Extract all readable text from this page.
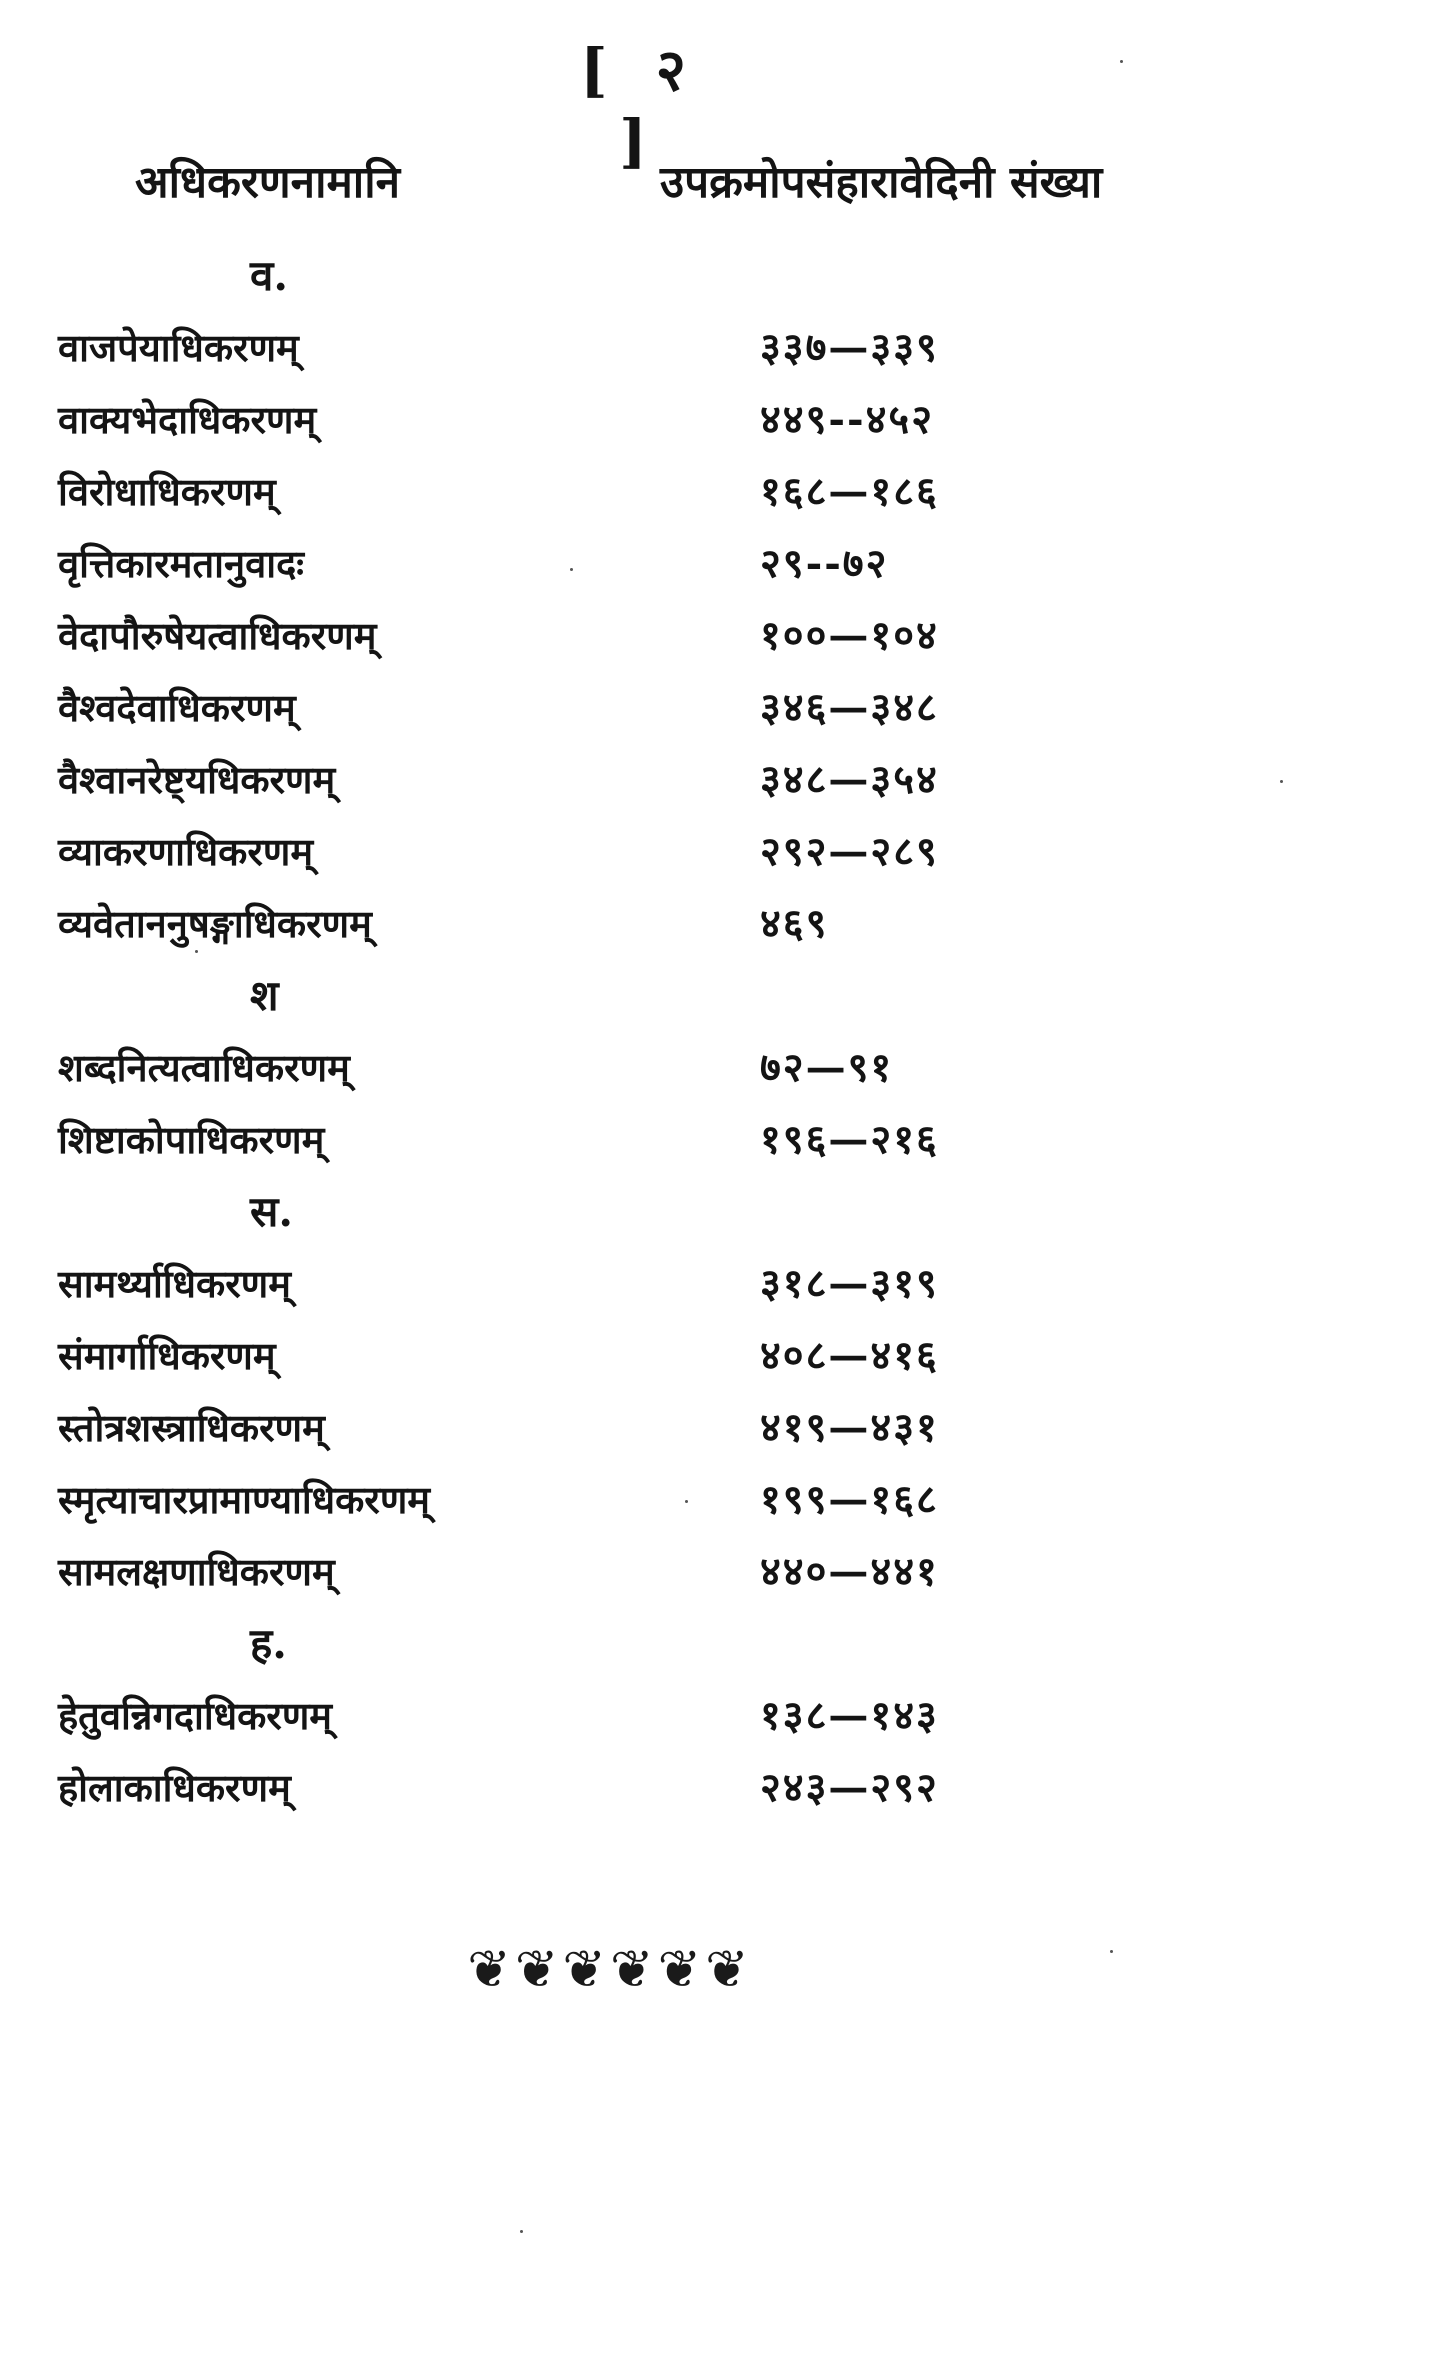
[ २ ]
अधिकरणनामानि	उपक्रमोपसंहारावेदिनी संख्या
व.
वाजपेयाधिकरणम्	३३७—३३९
वाक्यभेदाधिकरणम्	४४९--४५२
विरोधाधिकरणम्	१६८—१८६
वृत्तिकारमतानुवादः	२९--७२
वेदापौरुषेयत्वाधिकरणम्	१००—१०४
वैश्वदेवाधिकरणम्	३४६—३४८
वैश्वानरेष्ट्यधिकरणम्	३४८—३५४
व्याकरणाधिकरणम्	२९२—२८९
व्यवेताननुषङ्गाधिकरणम्	४६९
श
शब्दनित्यत्वाधिकरणम्	७२—९१
शिष्टाकोपाधिकरणम्	१९६—२१६
स.
सामर्थ्याधिकरणम्	३१८—३१९
संमार्गाधिकरणम्	४०८—४१६
स्तोत्रशस्त्राधिकरणम्	४१९—४३१
स्मृत्याचारप्रामाण्याधिकरणम्	१९९—१६८
सामलक्षणाधिकरणम्	४४०—४४१
ह.
हेतुवन्निगदाधिकरणम्	१३८—१४३
होलाकाधिकरणम्	२४३—२९२
❦❦❦❦❦❦
